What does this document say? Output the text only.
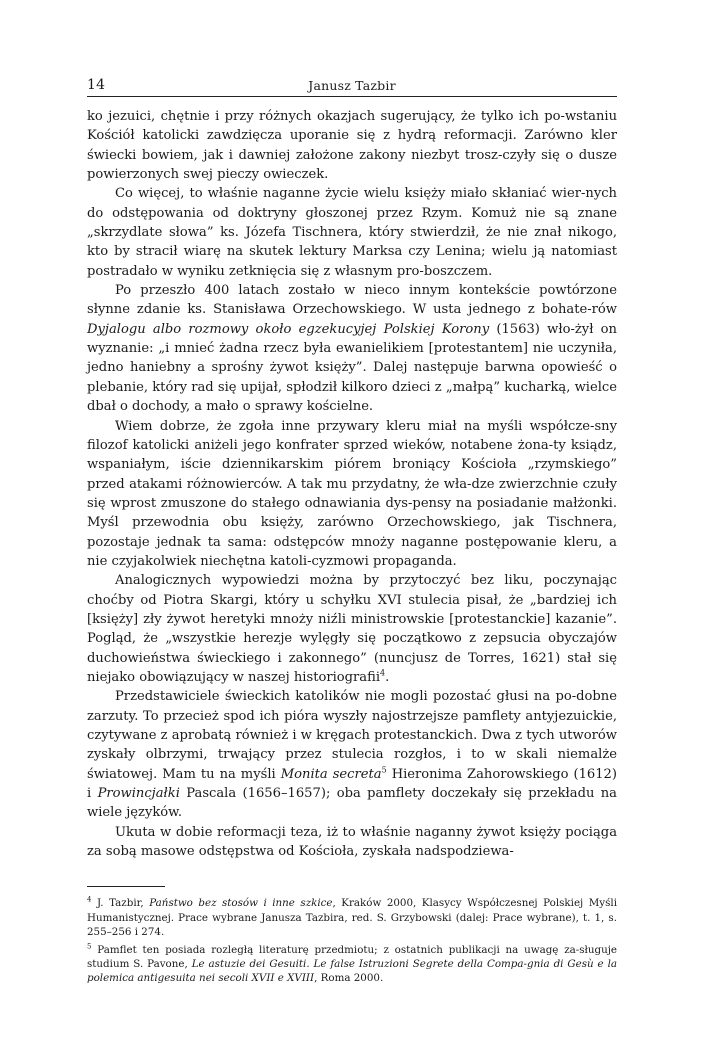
14	Janusz Tazbir

ko jezuici, chętnie i przy różnych okazjach sugerujący, że tylko ich po-wstaniu Kościół katolicki zawdzięcza uporanie się z hydrą reformacji. Zarówno kler świecki bowiem, jak i dawniej założone zakony niezbyt trosz-czyły się o dusze powierzonych swej pieczy owieczek.

Co więcej, to właśnie naganne życie wielu księży miało skłaniać wier-nych do odstępowania od doktryny głoszonej przez Rzym. Komuż nie są znane „skrzydlate słowa” ks. Józefa Tischnera, który stwierdził, że nie znał nikogo, kto by stracił wiarę na skutek lektury Marksa czy Lenina; wielu ją natomiast postradało w wyniku zetknięcia się z własnym pro-boszczem.

Po przeszło 400 latach zostało w nieco innym kontekście powtórzone słynne zdanie ks. Stanisława Orzechowskiego. W usta jednego z bohate-rów Dyjalogu albo rozmowy około egzekucyjej Polskiej Korony (1563) wło-żył on wyznanie: „i mnieć żadna rzecz była ewanielikiem [protestantem] nie uczyniła, jedno haniebny a sprośny żywot księży”. Dalej następuje barwna opowieść o plebanie, który rad się upijał, spłodził kilkoro dzieci z „małpą” kucharką, wielce dbał o dochody, a mało o sprawy kościelne.

Wiem dobrze, że zgoła inne przywary kleru miał na myśli współcze-sny filozof katolicki aniżeli jego konfrater sprzed wieków, notabene żona-ty ksiądz, wspaniałym, iście dziennikarskim piórem broniący Kościoła „rzymskiego” przed atakami różnowierców. A tak mu przydatny, że wła-dze zwierzchnie czuły się wprost zmuszone do stałego odnawiania dys-pensy na posiadanie małżonki. Myśl przewodnia obu księży, zarówno Orzechowskiego, jak Tischnera, pozostaje jednak ta sama: odstępców mnoży naganne postępowanie kleru, a nie czyjakolwiek niechętna katoli-cyzmowi propaganda.

Analogicznych wypowiedzi można by przytoczyć bez liku, poczynając choćby od Piotra Skargi, który u schyłku XVI stulecia pisał, że „bardziej ich [księży] zły żywot heretyki mnoży niźli ministrowskie [protestanckie] kazanie”. Pogląd, że „wszystkie herezje wylęgły się początkowo z zepsucia obyczajów duchowieństwa świeckiego i zakonnego” (nuncjusz de Torres, 1621) stał się niejako obowiązujący w naszej historiografii$^4$.

Przedstawiciele świeckich katolików nie mogli pozostać głusi na po-dobne zarzuty. To przecież spod ich pióra wyszły najostrzejsze pamflety antyjezuickie, czytywane z aprobatą również i w kręgach protestanckich. Dwa z tych utworów zyskały olbrzymi, trwający przez stulecia rozgłos, i to w skali niemalże światowej. Mam tu na myśli Monita secreta$^5$ Hieronima Zahorowskiego (1612) i Prowincjałki Pascala (1656–1657); oba pamflety doczekały się przekładu na wiele języków.

Ukuta w dobie reformacji teza, iż to właśnie naganny żywot księży pociąga za sobą masowe odstępstwa od Kościoła, zyskała nadspodziewa-

$^4$ J. Tazbir, Państwo bez stosów i inne szkice, Kraków 2000, Klasycy Współczesnej Polskiej Myśli Humanistycznej. Prace wybrane Janusza Tazbira, red. S. Grzybowski (dalej: Prace wybrane), t. 1, s. 255–256 i 274.

$^5$ Pamflet ten posiada rozległą literaturę przedmiotu; z ostatnich publikacji na uwagę za-sługuje studium S. Pavone, Le astuzie dei Gesuiti. Le false Istruzioni Segrete della Compa-gnia di Gesù e la polemica antigesuita nei secoli XVII e XVIII, Roma 2000.
